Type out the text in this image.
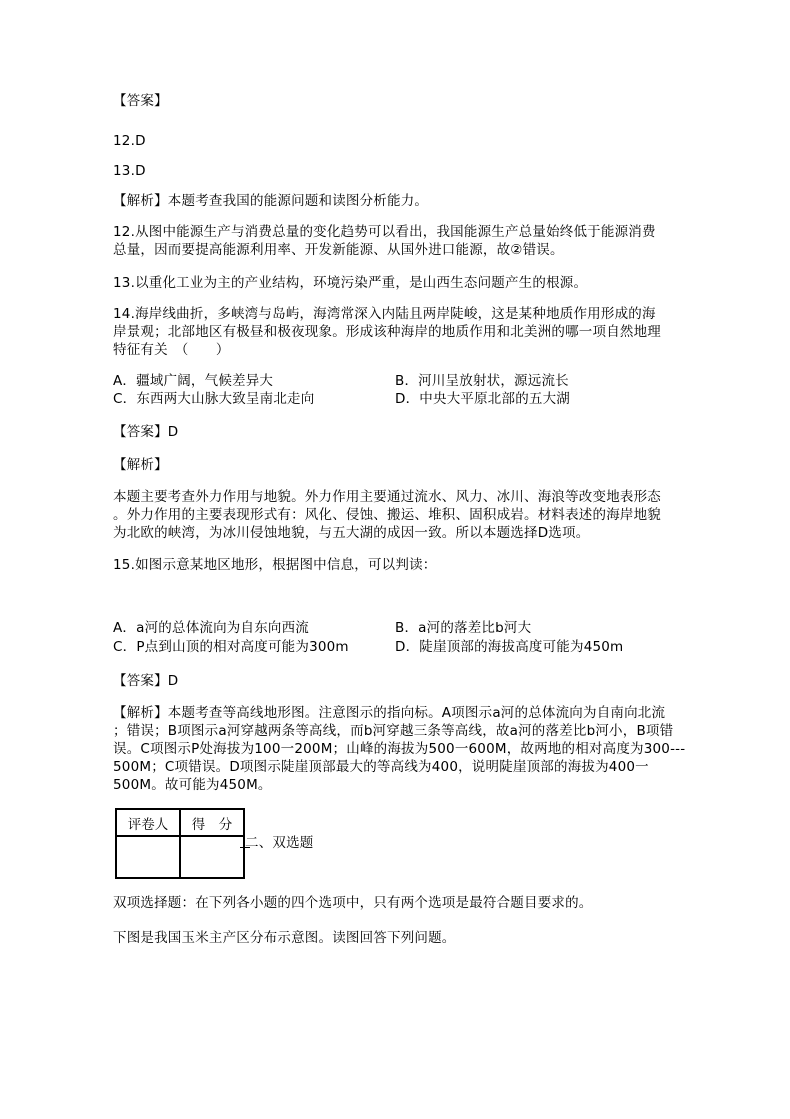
【答案】
12.D
13.D
【解析】本题考查我国的能源问题和读图分析能力。
12.从图中能源生产与消费总量的变化趋势可以看出，我国能源生产总量始终低于能源消费
总量，因而要提高能源利用率、开发新能源、从国外进口能源，故②错误。
13.以重化工业为主的产业结构，环境污染严重，是山西生态问题产生的根源。
14.海岸线曲折，多峡湾与岛屿，海湾常深入内陆且两岸陡峻，这是某种地质作用形成的海
岸景观；北部地区有极昼和极夜现象。形成该种海岸的地质作用和北美洲的哪一项自然地理
特征有关　（　　）
A．疆域广阔，气候差异大	B．河川呈放射状，源远流长
C．东西两大山脉大致呈南北走向	D．中央大平原北部的五大湖
【答案】D
【解析】
本题主要考查外力作用与地貌。外力作用主要通过流水、风力、冰川、海浪等改变地表形态
。外力作用的主要表现形式有：风化、侵蚀、搬运、堆积、固积成岩。材料表述的海岸地貌
为北欧的峡湾，为冰川侵蚀地貌，与五大湖的成因一致。所以本题选择D选项。
15.如图示意某地区地形，根据图中信息，可以判读：
A．a河的总体流向为自东向西流	B．a河的落差比b河大
C．P点到山顶的相对高度可能为300m	D．陡崖顶部的海拔高度可能为450m
【答案】D
【解析】本题考查等高线地形图。注意图示的指向标。A项图示a河的总体流向为自南向北流
；错误；B项图示a河穿越两条等高线，而b河穿越三条等高线，故a河的落差比b河小，B项错
误。C项图示P处海拔为100一200M；山峰的海拔为500一600M，故两地的相对高度为300---
500M；C项错误。D项图示陡崖顶部最大的等高线为400，说明陡崖顶部的海拔为400一
500M。故可能为450M。
评卷人	得　分

二、双选题
双项选择题：在下列各小题的四个选项中，只有两个选项是最符合题目要求的。
下图是我国玉米主产区分布示意图。读图回答下列问题。
